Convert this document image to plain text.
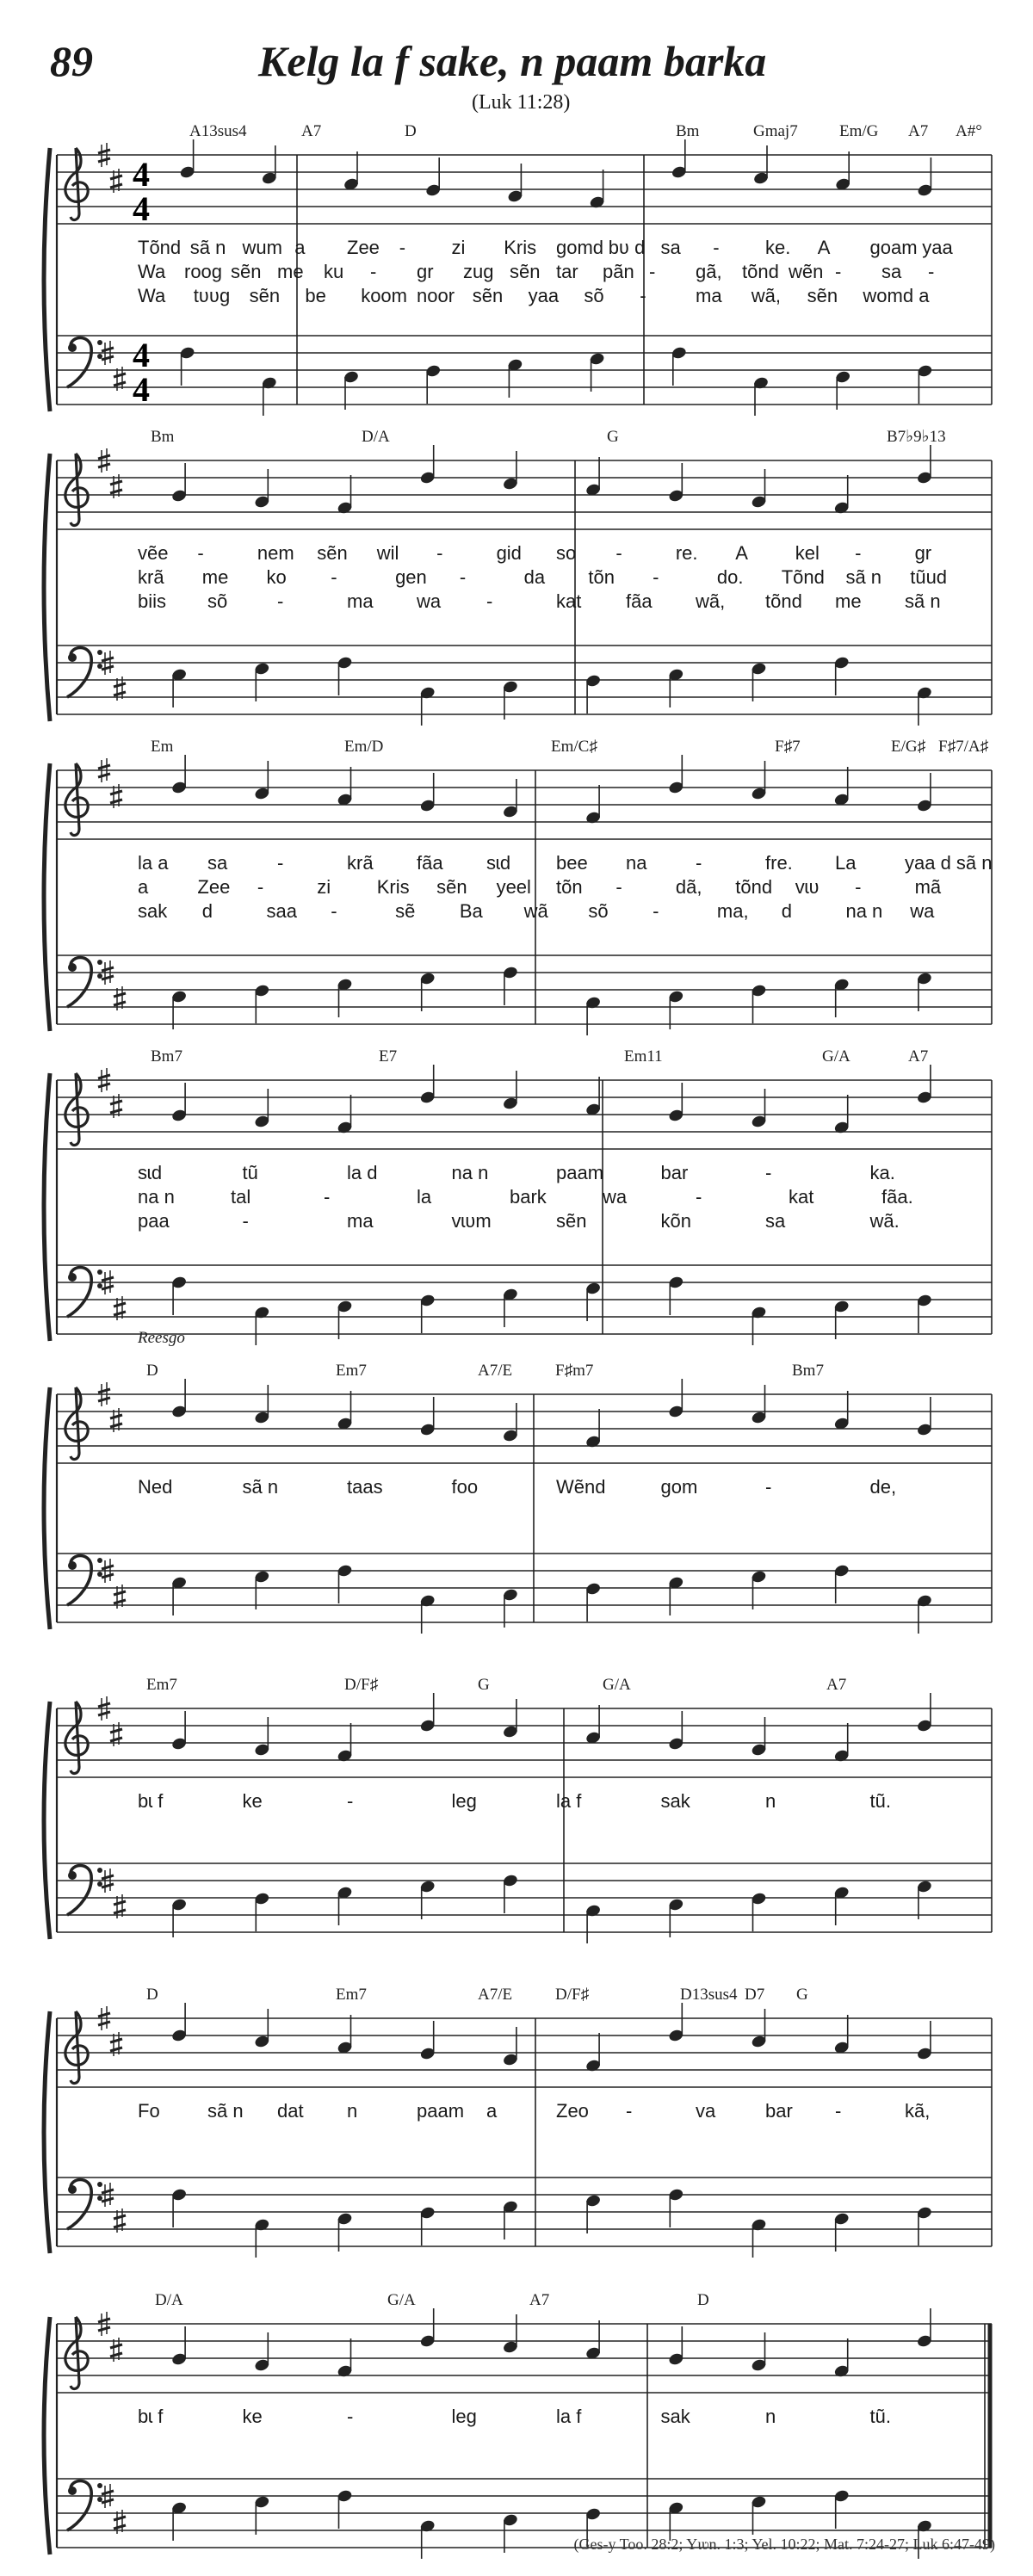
89	Kelg la f sake, n paam barka
(Luk 11:28)
4
4
4
4
A13sus4	A7	D	Bm	Gmaj7	Em/G A7 A#°
Tõnd sã n wum a Zee - zi Kris gomd bʋ d sa - ke. A goam yaa
Wa roog sẽn me ku - gr zug sẽn tar pãn - gã, tõnd wẽn - sa -
Wa tʋʋg sẽn be koom noor sẽn yaa sõ -	ma wã, sẽn womd a
Bm	D/A	G	B7♭9♭13
vẽe -	nem sẽn wil -	gid so -	re. A kel -	gr
krã me ko -	gen -	da tõn -	do. Tõnd sã n tũud
biis sõ	-	ma wa -	kat fãa wã, tõnd me sã n
Em	Em/D	Em/C♯	F♯7	E/G♯ F♯7/A♯
la a sa	-	krã fãa sɩd bee na	-	fre. La	yaa d sã n
a	Zee -	zi Kris sẽn yeel tõn -	dã, tõnd vɩʋ -	mã
sak d	saa -	sẽ Ba wã sõ -	ma, d	na n wa
Bm7	E7	Em11	G/A	A7
sɩd	tũ	la d	na n	paam	bar	-	ka.
na n	tal	-	la	bark	wa	-	kat	fãa.
paa	-	ma	vɩʋm	sẽn	kõn	sa	wã.
Reesgo
D	Em7	A7/E	F♯m7	Bm7
Ned	sã n	taas	foo	Wẽnd	gom	-	de,
Em7	D/F♯	G	G/A	A7
bɩ f	ke	-	leg	la f	sak	n	tũ.
D	Em7	A7/E	D/F♯	D13sus4 D7 G
Fo	sã n dat n	paam a	Zeo -	va	bar -	kã,
D/A	G/A	A7	D
bɩ f	ke	-	leg	la f	sak	n	tũ.
(Ges-y Too. 28:2; Yɩʋn. 1:3; Yel. 10:22; Mat. 7:24-27; Luk 6:47-49)
